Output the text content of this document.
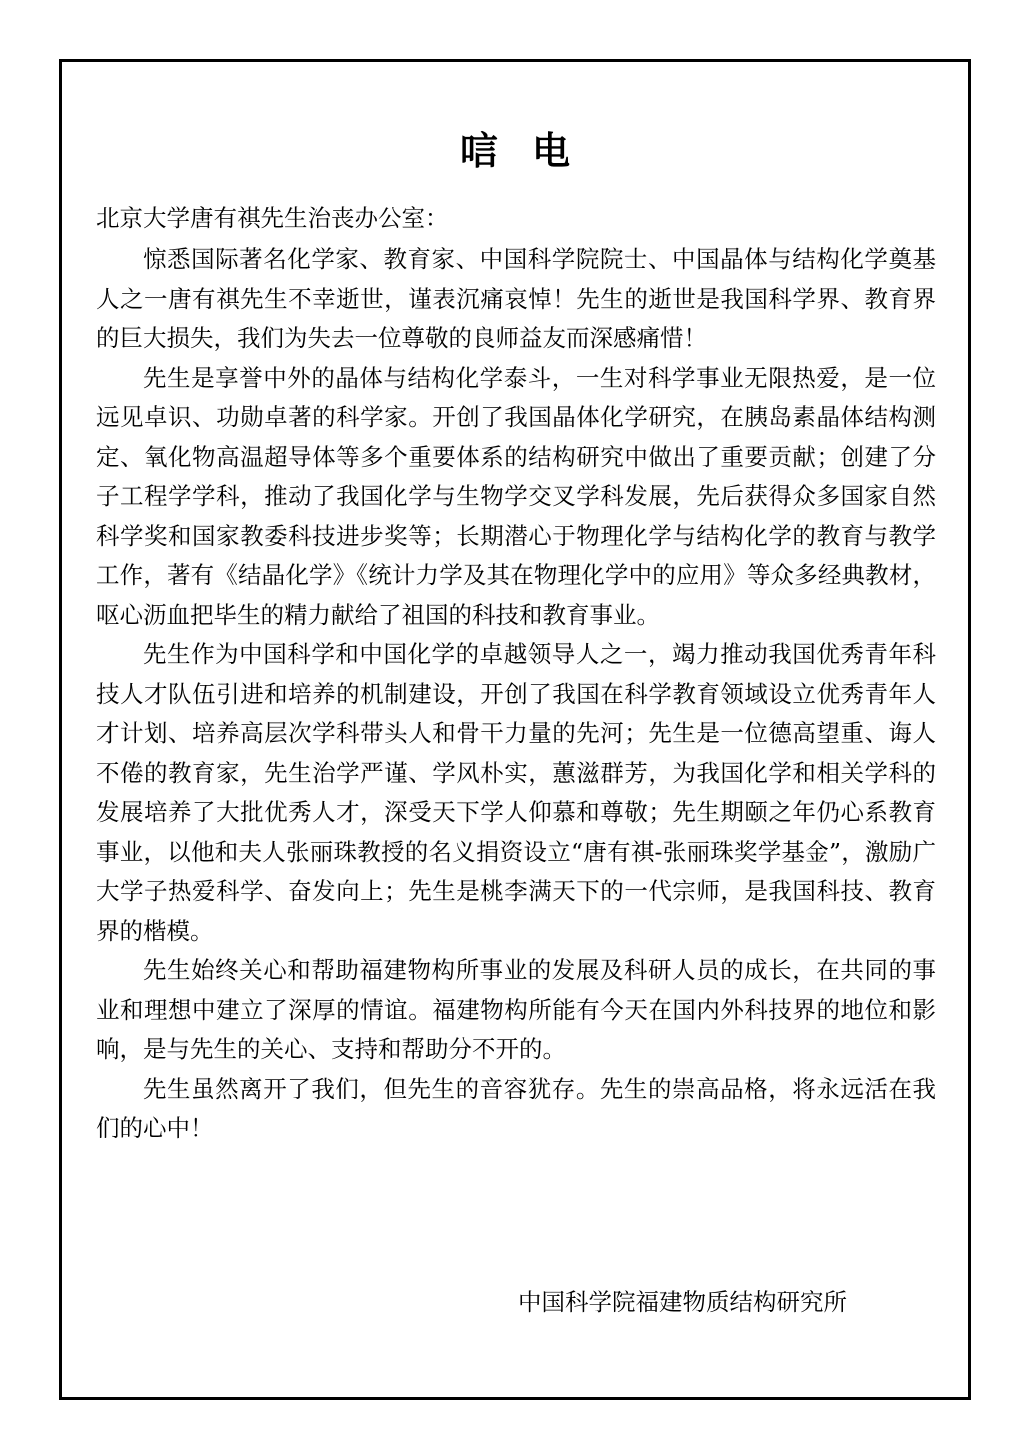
唁电
北京大学唐有祺先生治丧办公室：

惊悉国际著名化学家、教育家、中国科学院院士、中国晶体与结构化学奠基人之一唐有祺先生不幸逝世，谨表沉痛哀悼！先生的逝世是我国科学界、教育界的巨大损失，我们为失去一位尊敬的良师益友而深感痛惜！

先生是享誉中外的晶体与结构化学泰斗，一生对科学事业无限热爱，是一位远见卓识、功勋卓著的科学家。开创了我国晶体化学研究，在胰岛素晶体结构测定、氧化物高温超导体等多个重要体系的结构研究中做出了重要贡献；创建了分子工程学学科，推动了我国化学与生物学交叉学科发展，先后获得众多国家自然科学奖和国家教委科技进步奖等；长期潜心于物理化学与结构化学的教育与教学工作，著有《结晶化学》《统计力学及其在物理化学中的应用》等众多经典教材，呕心沥血把毕生的精力献给了祖国的科技和教育事业。

先生作为中国科学和中国化学的卓越领导人之一，竭力推动我国优秀青年科技人才队伍引进和培养的机制建设，开创了我国在科学教育领域设立优秀青年人才计划、培养高层次学科带头人和骨干力量的先河；先生是一位德高望重、诲人不倦的教育家，先生治学严谨、学风朴实，蕙滋群芳，为我国化学和相关学科的发展培养了大批优秀人才，深受天下学人仰慕和尊敬；先生期颐之年仍心系教育事业，以他和夫人张丽珠教授的名义捐资设立“唐有祺-张丽珠奖学基金”，激励广大学子热爱科学、奋发向上；先生是桃李满天下的一代宗师，是我国科技、教育界的楷模。

先生始终关心和帮助福建物构所事业的发展及科研人员的成长，在共同的事业和理想中建立了深厚的情谊。福建物构所能有今天在国内外科技界的地位和影响，是与先生的关心、支持和帮助分不开的。

先生虽然离开了我们，但先生的音容犹存。先生的崇高品格，将永远活在我们的心中！

中国科学院福建物质结构研究所
